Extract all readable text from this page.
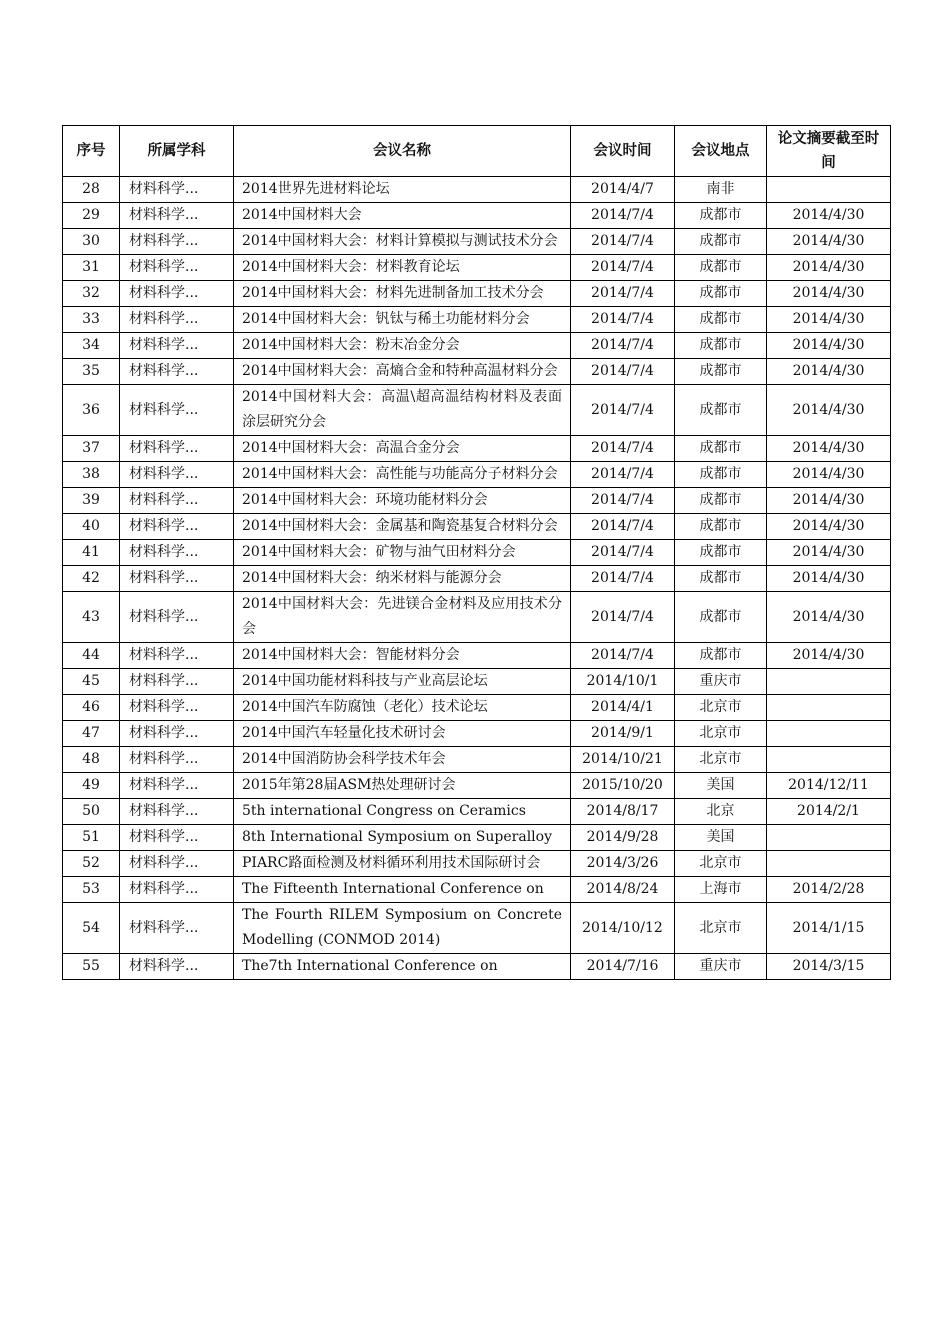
序号	所属学科	会议名称	会议时间	会议地点	论文摘要截至时间
28	材料科学...	2014世界先进材料论坛	2014/4/7	南非	
29	材料科学...	2014中国材料大会	2014/7/4	成都市	2014/4/30
30	材料科学...	2014中国材料大会：材料计算模拟与测试技术分会	2014/7/4	成都市	2014/4/30
31	材料科学...	2014中国材料大会：材料教育论坛	2014/7/4	成都市	2014/4/30
32	材料科学...	2014中国材料大会：材料先进制备加工技术分会	2014/7/4	成都市	2014/4/30
33	材料科学...	2014中国材料大会：钒钛与稀土功能材料分会	2014/7/4	成都市	2014/4/30
34	材料科学...	2014中国材料大会：粉末冶金分会	2014/7/4	成都市	2014/4/30
35	材料科学...	2014中国材料大会：高熵合金和特种高温材料分会	2014/7/4	成都市	2014/4/30
36	材料科学...	2014中国材料大会：高温\超高温结构材料及表面涂层研究分会	2014/7/4	成都市	2014/4/30
37	材料科学...	2014中国材料大会：高温合金分会	2014/7/4	成都市	2014/4/30
38	材料科学...	2014中国材料大会：高性能与功能高分子材料分会	2014/7/4	成都市	2014/4/30
39	材料科学...	2014中国材料大会：环境功能材料分会	2014/7/4	成都市	2014/4/30
40	材料科学...	2014中国材料大会：金属基和陶瓷基复合材料分会	2014/7/4	成都市	2014/4/30
41	材料科学...	2014中国材料大会：矿物与油气田材料分会	2014/7/4	成都市	2014/4/30
42	材料科学...	2014中国材料大会：纳米材料与能源分会	2014/7/4	成都市	2014/4/30
43	材料科学...	2014中国材料大会：先进镁合金材料及应用技术分会	2014/7/4	成都市	2014/4/30
44	材料科学...	2014中国材料大会：智能材料分会	2014/7/4	成都市	2014/4/30
45	材料科学...	2014中国功能材料科技与产业高层论坛	2014/10/1	重庆市	
46	材料科学...	2014中国汽车防腐蚀（老化）技术论坛	2014/4/1	北京市	
47	材料科学...	2014中国汽车轻量化技术研讨会	2014/9/1	北京市	
48	材料科学...	2014中国消防协会科学技术年会	2014/10/21	北京市	
49	材料科学...	2015年第28届ASM热处理研讨会	2015/10/20	美国	2014/12/11
50	材料科学...	5th international Congress on Ceramics	2014/8/17	北京	2014/2/1
51	材料科学...	8th International Symposium on Superalloy	2014/9/28	美国	
52	材料科学...	PIARC路面检测及材料循环利用技术国际研讨会	2014/3/26	北京市	
53	材料科学...	The Fifteenth International Conference on	2014/8/24	上海市	2014/2/28
54	材料科学...	The Fourth RILEM Symposium on Concrete Modelling (CONMOD 2014)	2014/10/12	北京市	2014/1/15
55	材料科学...	The7th International Conference on	2014/7/16	重庆市	2014/3/15
